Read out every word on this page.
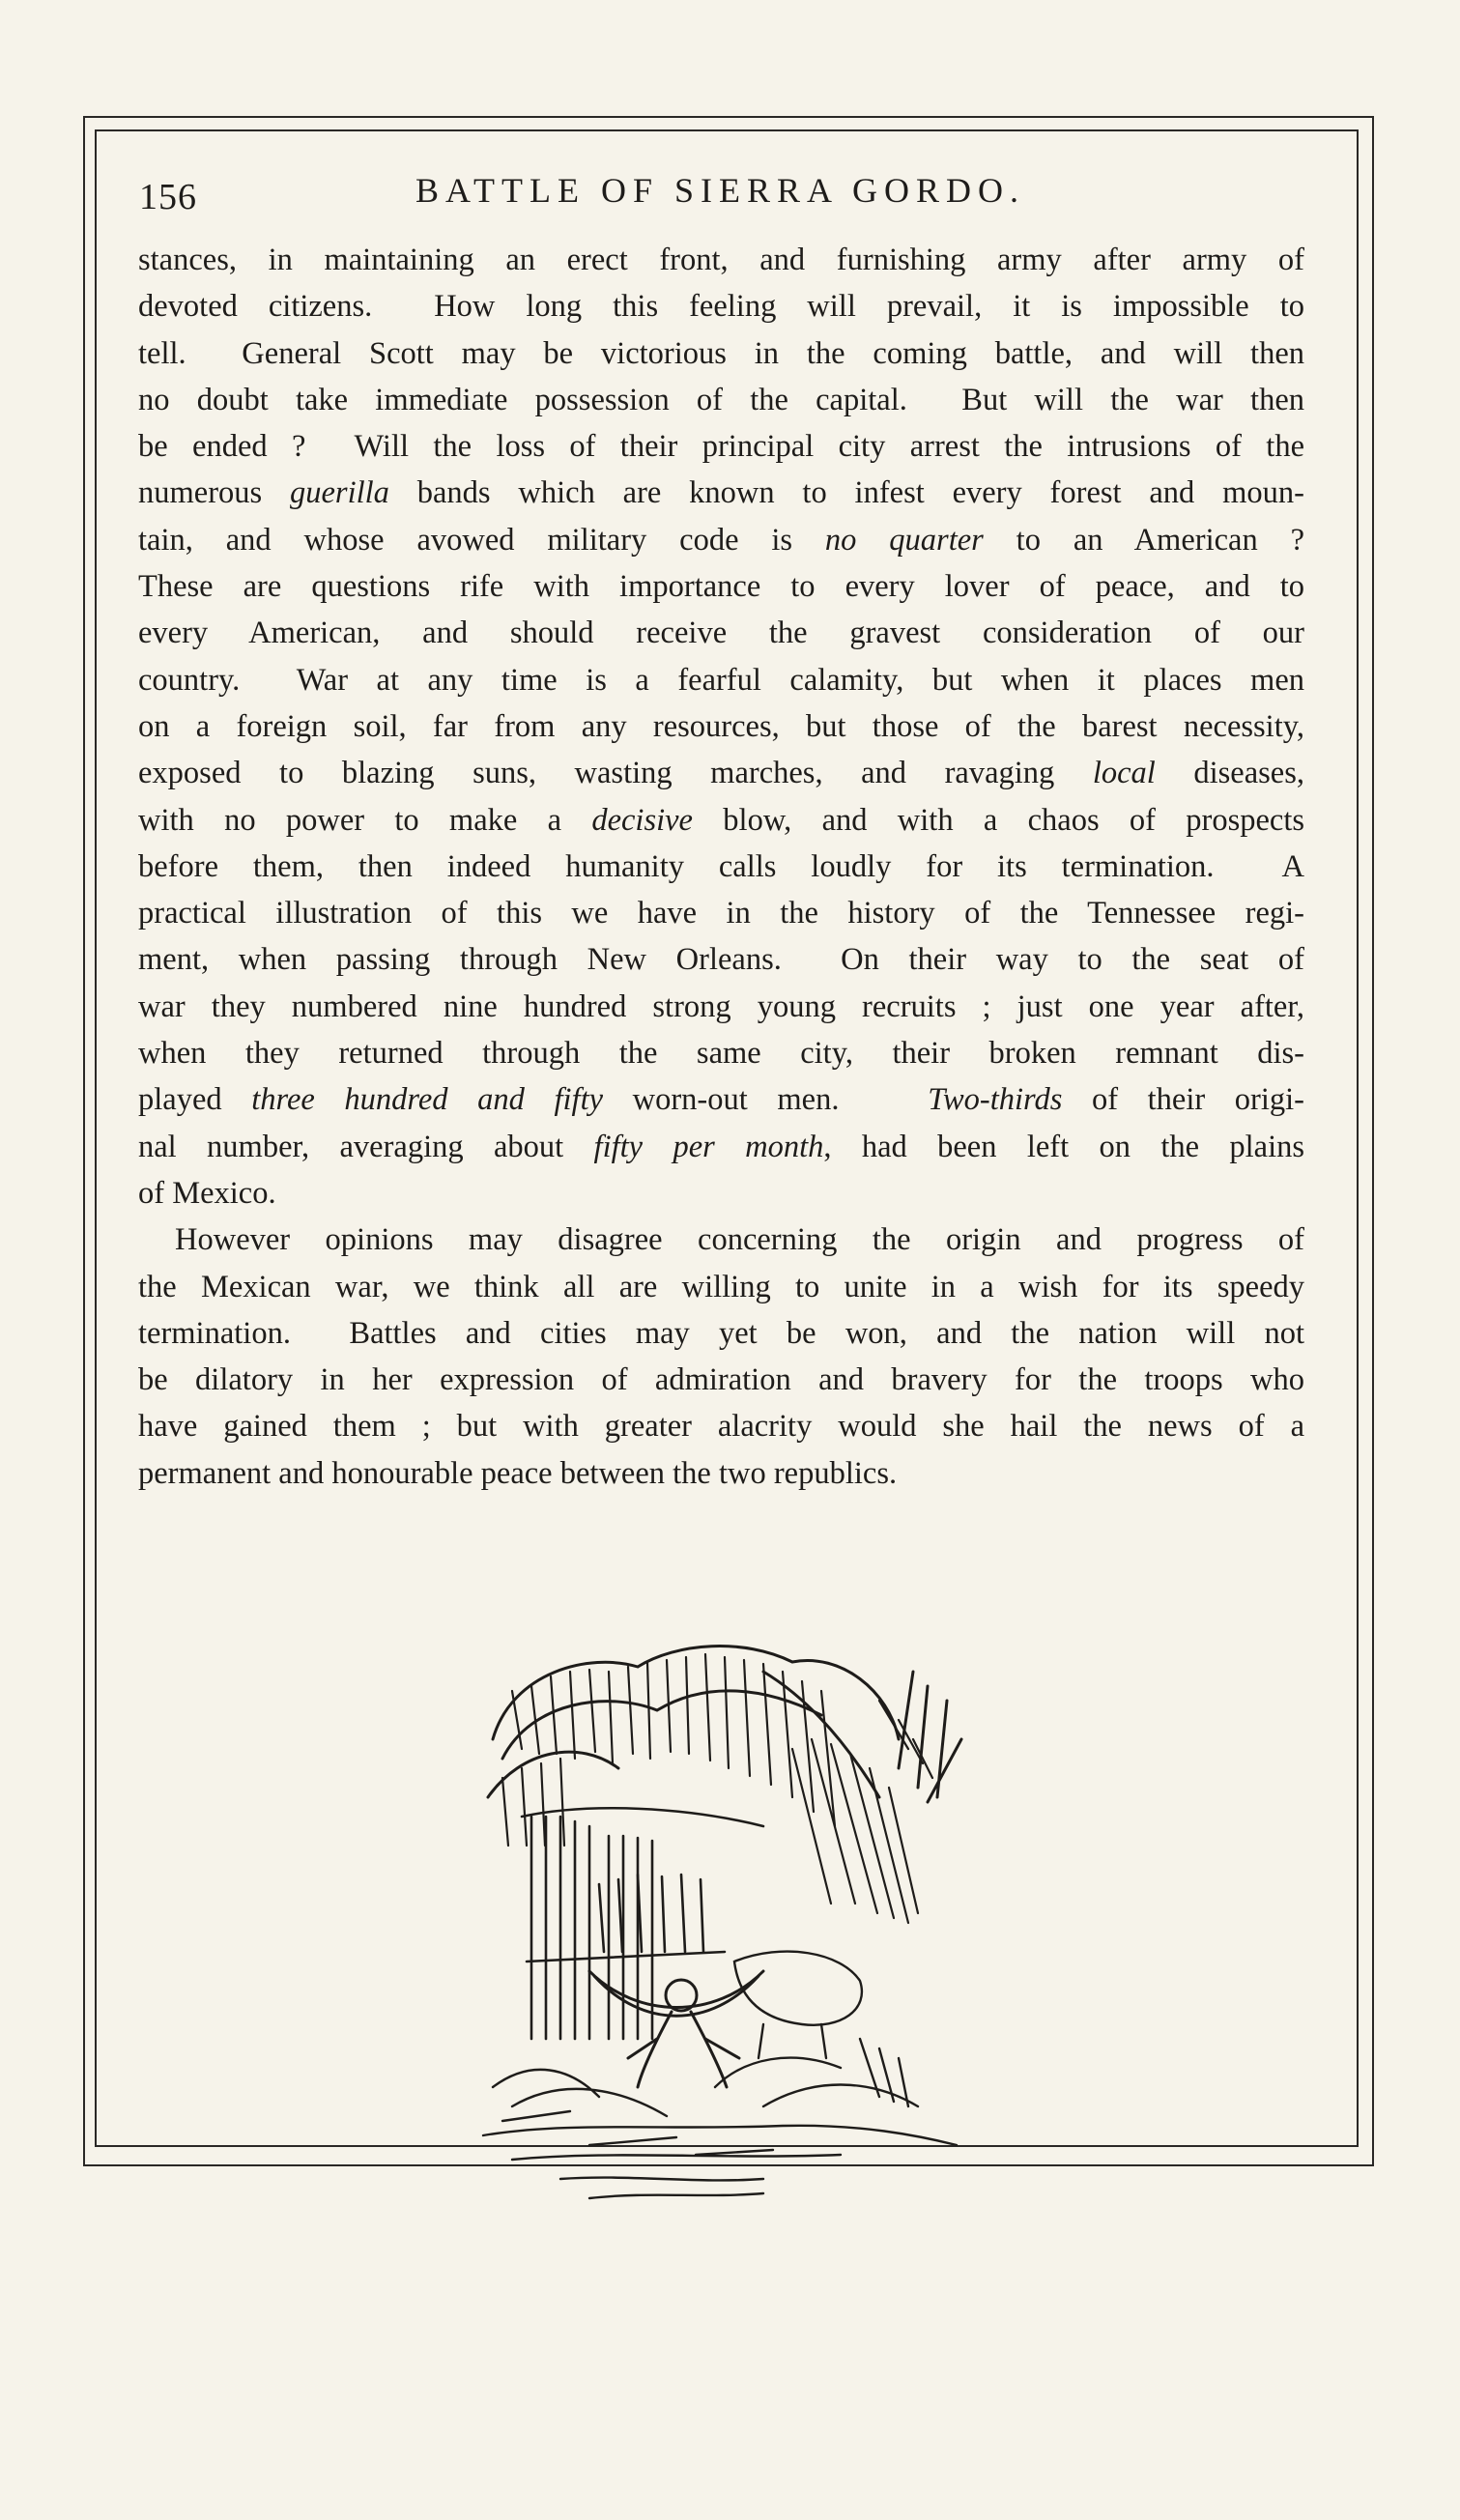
156	BATTLE OF SIERRA GORDO.
stances, in maintaining an erect front, and furnishing army after army of
devoted citizens.  How long this feeling will prevail, it is impossible to
tell.  General Scott may be victorious in the coming battle, and will then
no doubt take immediate possession of the capital.  But will the war then
be ended ?  Will the loss of their principal city arrest the intrusions of the
numerous guerilla bands which are known to infest every forest and moun-
tain, and whose avowed military code is no quarter to an American ?
These are questions rife with importance to every lover of peace, and to
every American, and should receive the gravest consideration of our
country.  War at any time is a fearful calamity, but when it places men
on a foreign soil, far from any resources, but those of the barest necessity,
exposed to blazing suns, wasting marches, and ravaging local diseases,
with no power to make a decisive blow, and with a chaos of prospects
before them, then indeed humanity calls loudly for its termination.  A
practical illustration of this we have in the history of the Tennessee regi-
ment, when passing through New Orleans.  On their way to the seat of
war they numbered nine hundred strong young recruits ; just one year after,
when they returned through the same city, their broken remnant dis-
played three hundred and fifty worn-out men.   Two-thirds of their origi-
nal number, averaging about fifty per month, had been left on the plains
of Mexico.
However opinions may disagree concerning the origin and progress of
the Mexican war, we think all are willing to unite in a wish for its speedy
termination.  Battles and cities may yet be won, and the nation will not
be dilatory in her expression of admiration and bravery for the troops who
have gained them ; but with greater alacrity would she hail the news of a
permanent and honourable peace between the two republics.
